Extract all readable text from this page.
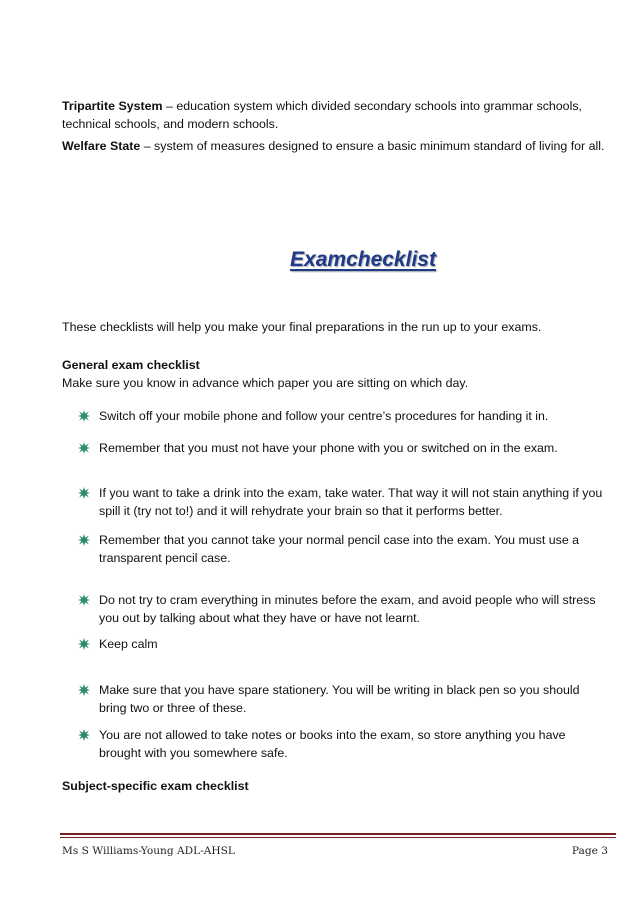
Tripartite System – education system which divided secondary schools into grammar schools, technical schools, and modern schools.
Welfare State – system of measures designed to ensure a basic minimum standard of living for all.
Examchecklist
These checklists will help you make your final preparations in the run up to your exams.
General exam checklist
Make sure you know in advance which paper you are sitting on which day.
Switch off your mobile phone and follow your centre’s procedures for handing it in.
Remember that you must not have your phone with you or switched on in the exam.
If you want to take a drink into the exam, take water. That way it will not stain anything if you spill it (try not to!) and it will rehydrate your brain so that it performs better.
Remember that you cannot take your normal pencil case into the exam. You must use a transparent pencil case.
Do not try to cram everything in minutes before the exam, and avoid people who will stress you out by talking about what they have or have not learnt.
Keep calm
Make sure that you have spare stationery. You will be writing in black pen so you should bring two or three of these.
You are not allowed to take notes or books into the exam, so store anything you have brought with you somewhere safe.
Subject-specific exam checklist
Ms S Williams-Young ADL-AHSL	Page 3
